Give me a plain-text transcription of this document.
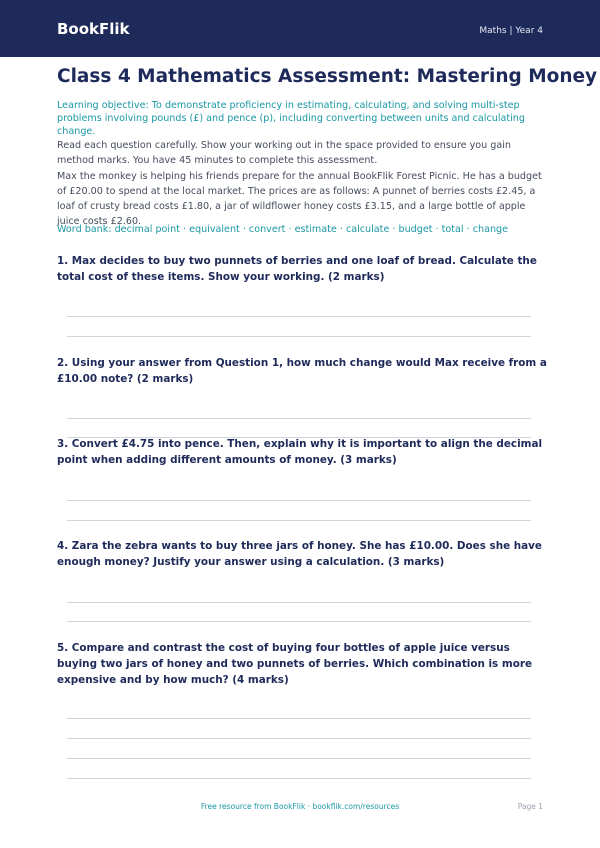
BookFlik	Maths | Year 4
Class 4 Mathematics Assessment: Mastering Money
Learning objective: To demonstrate proficiency in estimating, calculating, and solving multi-step problems involving pounds (£) and pence (p), including converting between units and calculating change.
Read each question carefully. Show your working out in the space provided to ensure you gain method marks. You have 45 minutes to complete this assessment.
Max the monkey is helping his friends prepare for the annual BookFlik Forest Picnic. He has a budget of £20.00 to spend at the local market. The prices are as follows: A punnet of berries costs £2.45, a loaf of crusty bread costs £1.80, a jar of wildflower honey costs £3.15, and a large bottle of apple juice costs £2.60.
Word bank: decimal point · equivalent · convert · estimate · calculate · budget · total · change
1. Max decides to buy two punnets of berries and one loaf of bread. Calculate the total cost of these items. Show your working. (2 marks)
2. Using your answer from Question 1, how much change would Max receive from a £10.00 note? (2 marks)
3. Convert £4.75 into pence. Then, explain why it is important to align the decimal point when adding different amounts of money. (3 marks)
4. Zara the zebra wants to buy three jars of honey. She has £10.00. Does she have enough money? Justify your answer using a calculation. (3 marks)
5. Compare and contrast the cost of buying four bottles of apple juice versus buying two jars of honey and two punnets of berries. Which combination is more expensive and by how much? (4 marks)
Free resource from BookFlik · bookflik.com/resources	Page 1
